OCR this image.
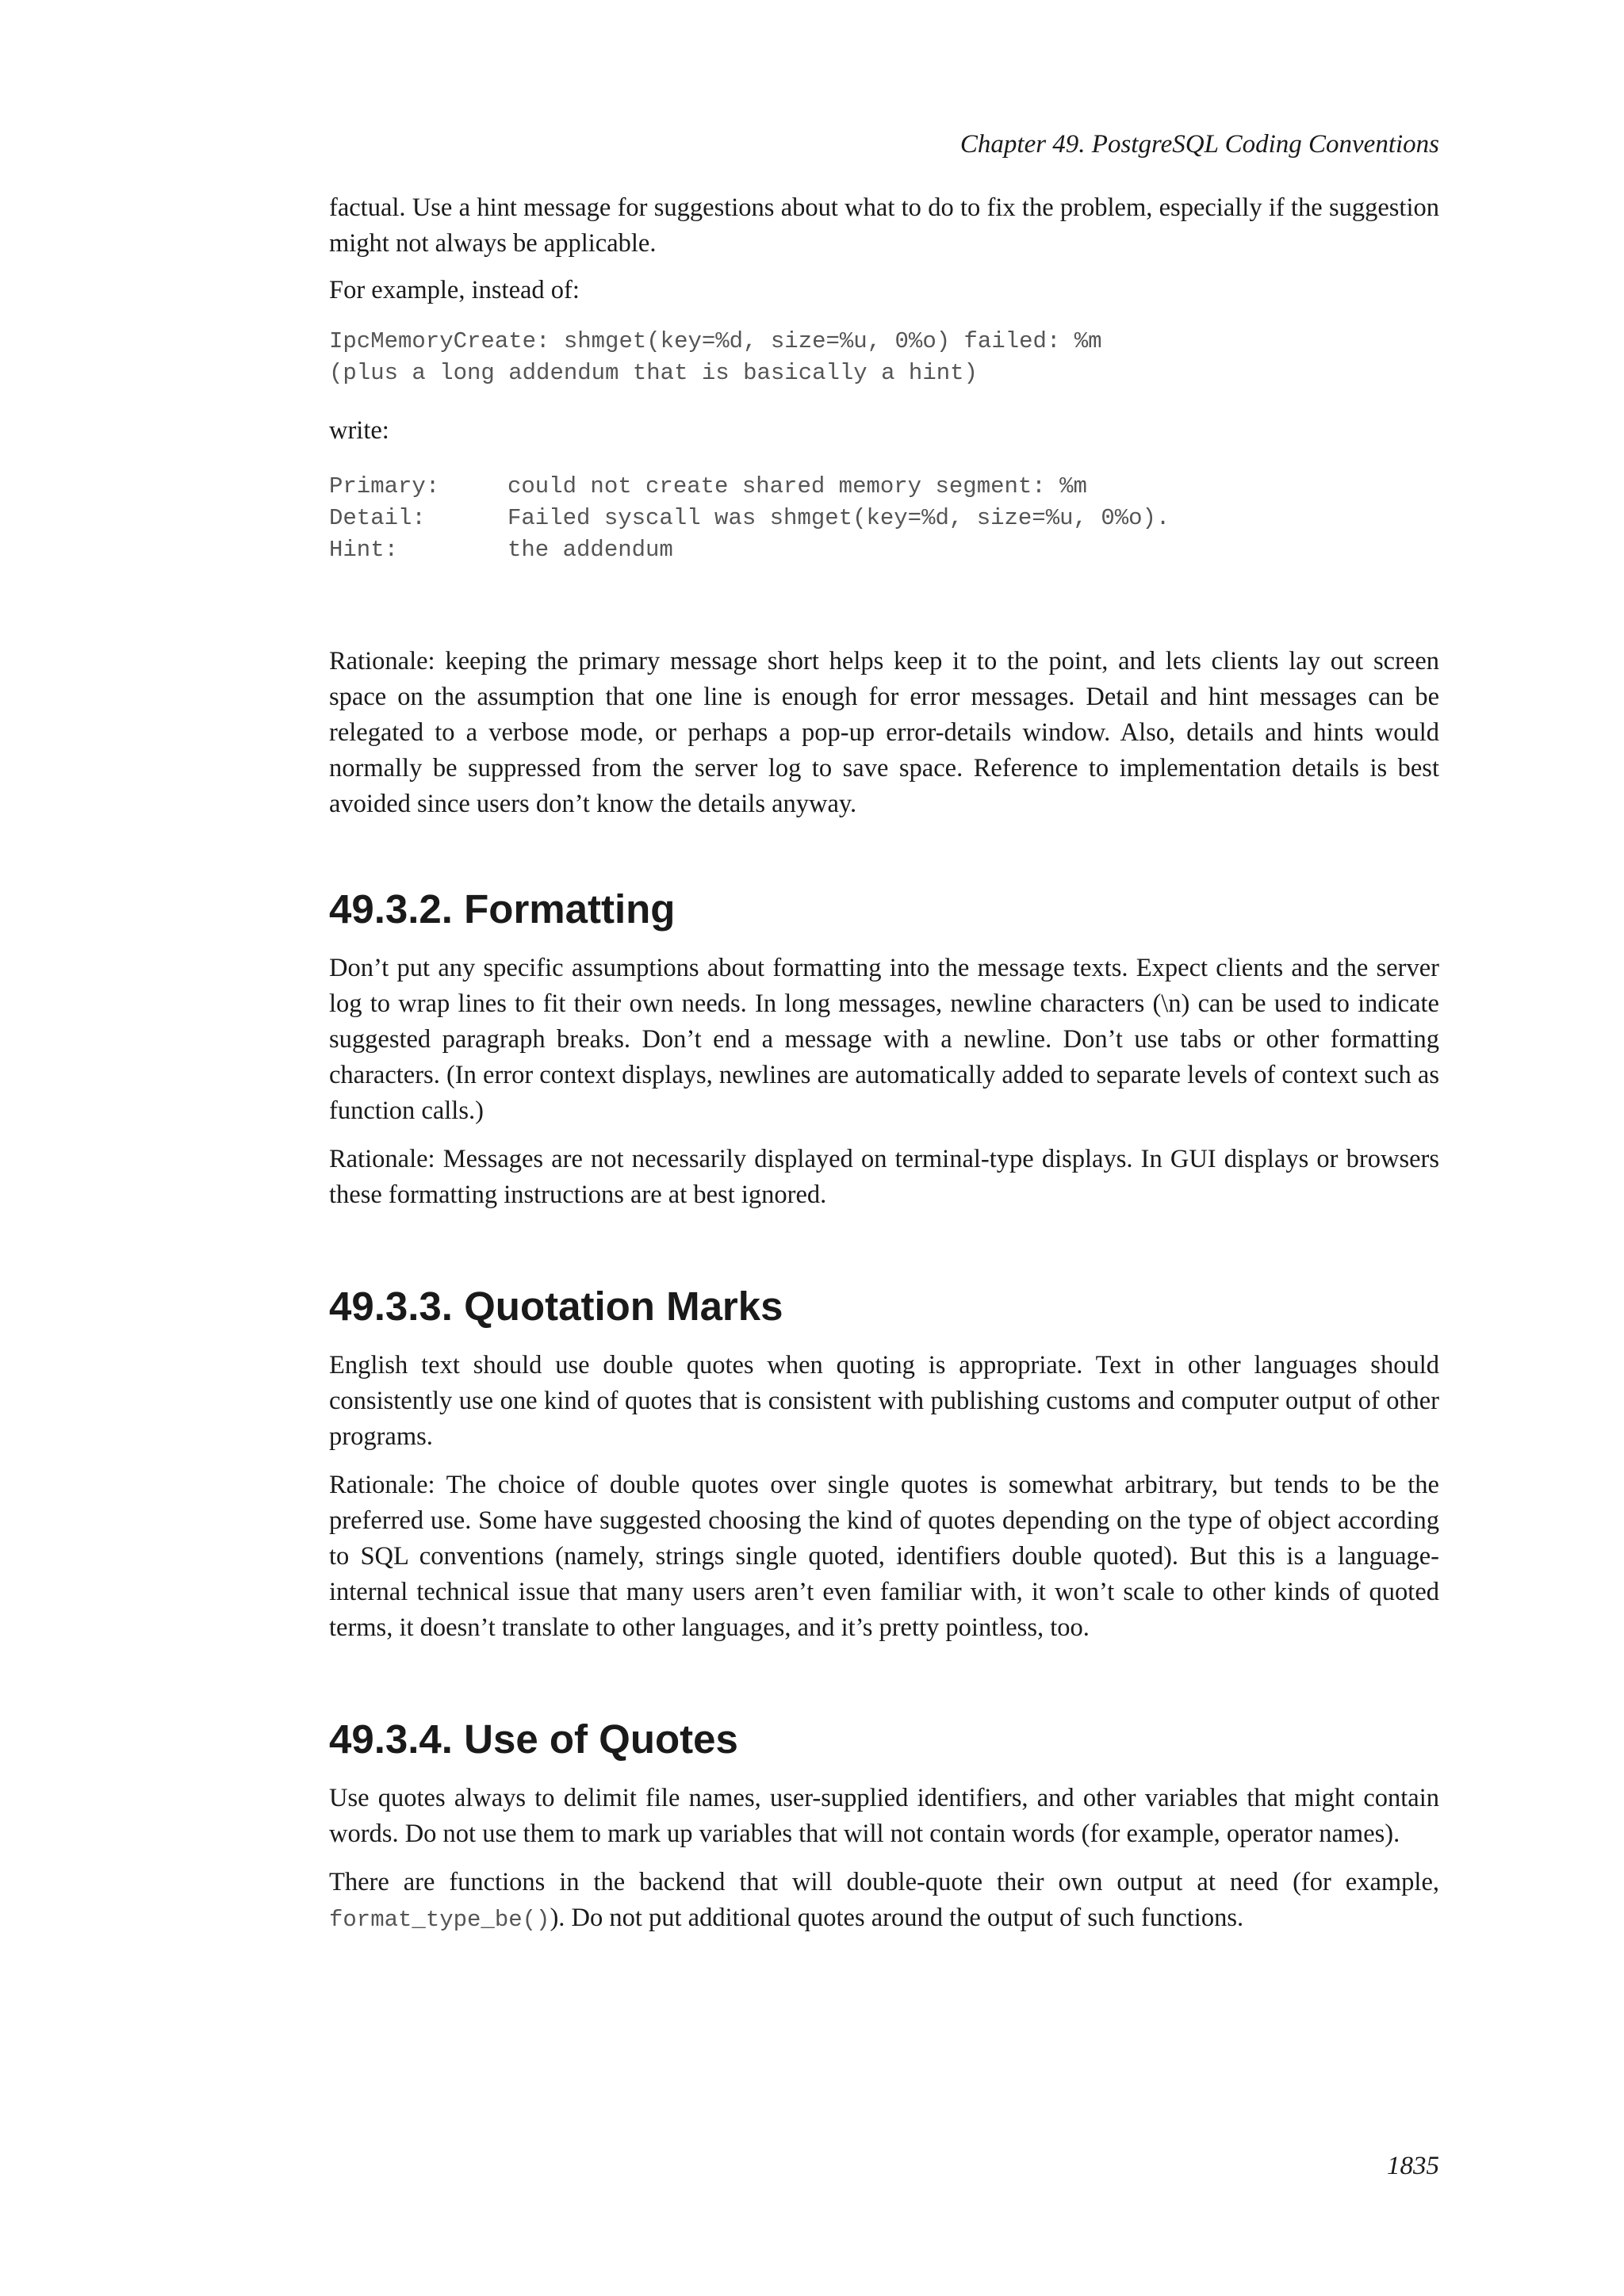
Chapter 49. PostgreSQL Coding Conventions

factual. Use a hint message for suggestions about what to do to fix the problem, especially if the suggestion might not always be applicable.

For example, instead of:

IpcMemoryCreate: shmget(key=%d, size=%u, 0%o) failed: %m
(plus a long addendum that is basically a hint)

write:

Primary:	could not create shared memory segment: %m
Detail:	Failed syscall was shmget(key=%d, size=%u, 0%o).
Hint:	the addendum

Rationale: keeping the primary message short helps keep it to the point, and lets clients lay out screen space on the assumption that one line is enough for error messages. Detail and hint messages can be relegated to a verbose mode, or perhaps a pop-up error-details window. Also, details and hints would normally be suppressed from the server log to save space. Reference to implementation details is best avoided since users don’t know the details anyway.

49.3.2. Formatting

Don’t put any specific assumptions about formatting into the message texts. Expect clients and the server log to wrap lines to fit their own needs. In long messages, newline characters (\n) can be used to indicate suggested paragraph breaks. Don’t end a message with a newline. Don’t use tabs or other formatting characters. (In error context displays, newlines are automatically added to separate levels of context such as function calls.)

Rationale: Messages are not necessarily displayed on terminal-type displays. In GUI displays or browsers these formatting instructions are at best ignored.

49.3.3. Quotation Marks

English text should use double quotes when quoting is appropriate. Text in other languages should consistently use one kind of quotes that is consistent with publishing customs and computer output of other programs.

Rationale: The choice of double quotes over single quotes is somewhat arbitrary, but tends to be the preferred use. Some have suggested choosing the kind of quotes depending on the type of object according to SQL conventions (namely, strings single quoted, identifiers double quoted). But this is a language-internal technical issue that many users aren’t even familiar with, it won’t scale to other kinds of quoted terms, it doesn’t translate to other languages, and it’s pretty pointless, too.

49.3.4. Use of Quotes

Use quotes always to delimit file names, user-supplied identifiers, and other variables that might contain words. Do not use them to mark up variables that will not contain words (for example, operator names).

There are functions in the backend that will double-quote their own output at need (for example, format_type_be()). Do not put additional quotes around the output of such functions.

1835
